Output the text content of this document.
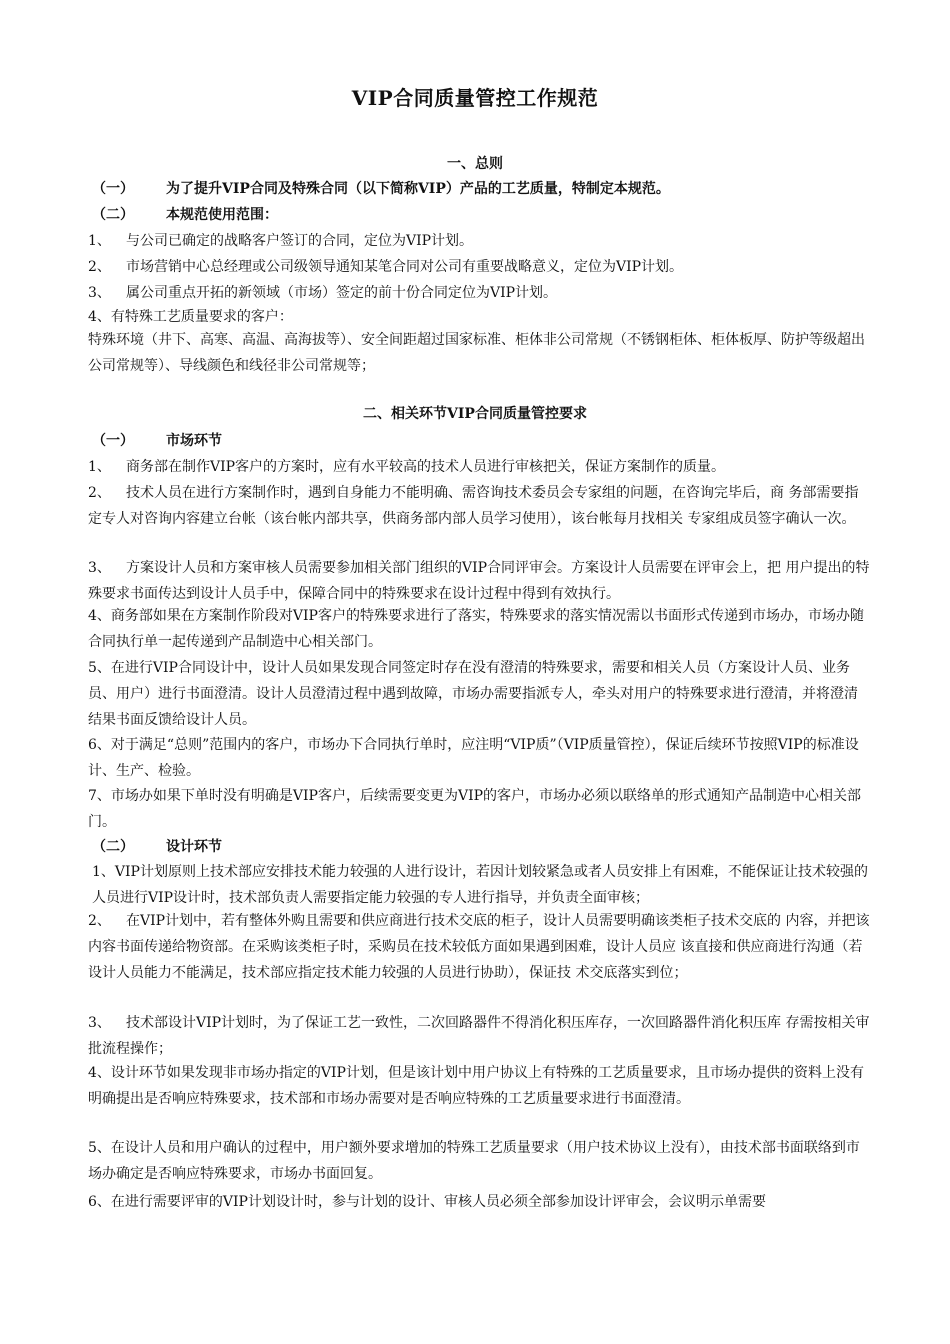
VIP合同质量管控工作规范
一、总则

（一） 为了提升VIP合同及特殊合同（以下简称VIP）产品的工艺质量，特制定本规范。

（二） 本规范使用范围：

1、 与公司已确定的战略客户签订的合同，定位为VIP计划。

2、 市场营销中心总经理或公司级领导通知某笔合同对公司有重要战略意义，定位为VIP计划。

3、 属公司重点开拓的新领域（市场）签定的前十份合同定位为VIP计划。

4、有特殊工艺质量要求的客户：

特殊环境（井下、高寒、高温、高海拔等）、安全间距超过国家标准、柜体非公司常规（不锈钢柜体、柜体板厚、防护等级超出公司常规等）、导线颜色和线径非公司常规等；

二、相关环节VIP合同质量管控要求

（一） 市场环节

1、 商务部在制作VIP客户的方案时，应有水平较高的技术人员进行审核把关，保证方案制作的质量。

2、 技术人员在进行方案制作时，遇到自身能力不能明确、需咨询技术委员会专家组的问题，在咨询完毕后，商 务部需要指定专人对咨询内容建立台帐（该台帐内部共享，供商务部内部人员学习使用），该台帐每月找相关 专家组成员签字确认一次。

3、 方案设计人员和方案审核人员需要参加相关部门组织的VIP合同评审会。方案设计人员需要在评审会上，把 用户提出的特殊要求书面传达到设计人员手中，保障合同中的特殊要求在设计过程中得到有效执行。

4、商务部如果在方案制作阶段对VIP客户的特殊要求进行了落实，特殊要求的落实情况需以书面形式传递到市场办，市场办随合同执行单一起传递到产品制造中心相关部门。

5、在进行VIP合同设计中，设计人员如果发现合同签定时存在没有澄清的特殊要求，需要和相关人员（方案设计人员、业务员、用户）进行书面澄清。设计人员澄清过程中遇到故障，市场办需要指派专人，牵头对用户的特殊要求进行澄清，并将澄清结果书面反馈给设计人员。

6、对于满足“总则”范围内的客户，市场办下合同执行单时，应注明“VIP质”（VIP质量管控），保证后续环节按照VIP的标准设计、生产、检验。

7、市场办如果下单时没有明确是VIP客户，后续需要变更为VIP的客户，市场办必须以联络单的形式通知产品制造中心相关部门。

（二） 设计环节

1、VIP计划原则上技术部应安排技术能力较强的人进行设计，若因计划较紧急或者人员安排上有困难，不能保证让技术较强的人员进行VIP设计时，技术部负责人需要指定能力较强的专人进行指导，并负责全面审核；

2、 在VIP计划中，若有整体外购且需要和供应商进行技术交底的柜子，设计人员需要明确该类柜子技术交底的 内容，并把该内容书面传递给物资部。在采购该类柜子时，采购员在技术较低方面如果遇到困难，设计人员应 该直接和供应商进行沟通（若设计人员能力不能满足，技术部应指定技术能力较强的人员进行协助），保证技 术交底落实到位；

3、 技术部设计VIP计划时，为了保证工艺一致性，二次回路器件不得消化积压库存，一次回路器件消化积压库 存需按相关审批流程操作；

4、设计环节如果发现非市场办指定的VIP计划，但是该计划中用户协议上有特殊的工艺质量要求，且市场办提供的资料上没有明确提出是否响应特殊要求，技术部和市场办需要对是否响应特殊的工艺质量要求进行书面澄清。

5、在设计人员和用户确认的过程中，用户额外要求增加的特殊工艺质量要求（用户技术协议上没有），由技术部书面联络到市场办确定是否响应特殊要求，市场办书面回复。

6、在进行需要评审的VIP计划设计时，参与计划的设计、审核人员必须全部参加设计评审会，会议明示单需要
